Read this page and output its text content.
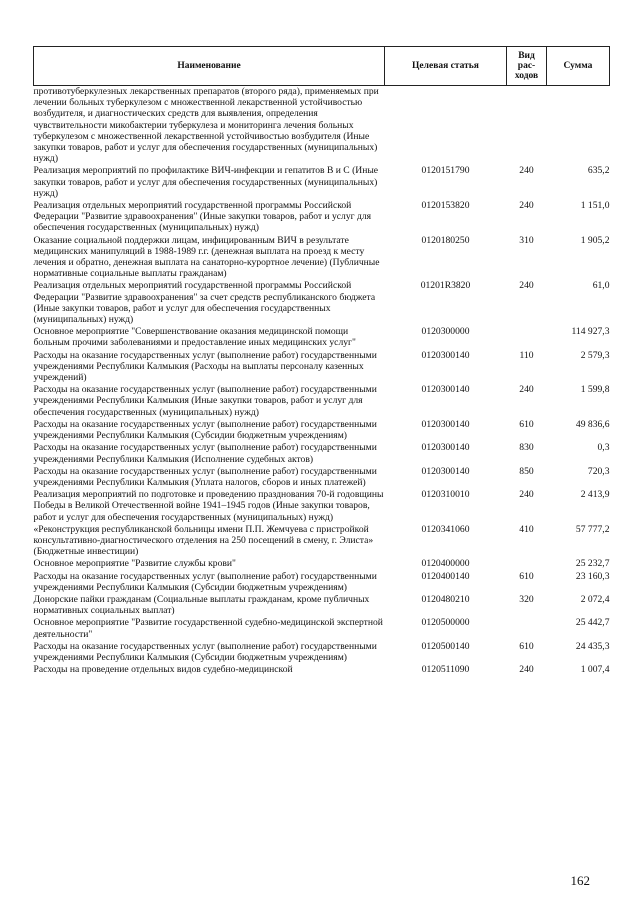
Наименование	Целевая статья	Вид рас-ходов	Сумма
противотуберкулезных лекарственных препаратов (второго ряда), применяемых при лечении больных туберкулезом с множественной лекарственной устойчивостью возбудителя, и диагностических средств для выявления, определения чувствительности микобактерии туберкулеза и мониторинга лечения больных туберкулезом с множественной лекарственной устойчивостью возбудителя (Иные закупки товаров, работ и услуг для обеспечения государственных (муниципальных) нужд)			
Реализация мероприятий по профилактике ВИЧ-инфекции и гепатитов В и С (Иные закупки товаров, работ и услуг для обеспечения государственных (муниципальных) нужд)	0120151790	240	635,2
Реализация отдельных мероприятий государственной программы Российской Федерации "Развитие здравоохранения" (Иные закупки товаров, работ и услуг для обеспечения государственных (муниципальных) нужд)	0120153820	240	1 151,0
Оказание социальной поддержки лицам, инфицированным ВИЧ в результате медицинских манипуляций в 1988-1989 г.г. (денежная выплата на проезд к месту лечения и обратно, денежная выплата на санаторно-курортное лечение) (Публичные нормативные социальные выплаты гражданам)	0120180250	310	1 905,2
Реализация отдельных мероприятий государственной программы Российской Федерации "Развитие здравоохранения" за счет средств республиканского бюджета (Иные закупки товаров, работ и услуг для обеспечения государственных (муниципальных) нужд)	01201R3820	240	61,0
Основное мероприятие "Совершенствование оказания медицинской помощи больным прочими заболеваниями и предоставление иных медицинских услуг"	0120300000		114 927,3
Расходы на оказание государственных услуг (выполнение работ) государственными учреждениями Республики Калмыкия (Расходы на выплаты персоналу казенных учреждений)	0120300140	110	2 579,3
Расходы на оказание государственных услуг (выполнение работ) государственными учреждениями Республики Калмыкия (Иные закупки товаров, работ и услуг для обеспечения государственных (муниципальных) нужд)	0120300140	240	1 599,8
Расходы на оказание государственных услуг (выполнение работ) государственными учреждениями Республики Калмыкия (Субсидии бюджетным учреждениям)	0120300140	610	49 836,6
Расходы на оказание государственных услуг (выполнение работ) государственными учреждениями Республики Калмыкия (Исполнение судебных актов)	0120300140	830	0,3
Расходы на оказание государственных услуг (выполнение работ) государственными учреждениями Республики Калмыкия (Уплата налогов, сборов и иных платежей)	0120300140	850	720,3
Реализация мероприятий по подготовке и проведению празднования 70-й годовщины Победы в Великой Отечественной войне 1941–1945 годов (Иные закупки товаров, работ и услуг для обеспечения государственных (муниципальных) нужд)	0120310010	240	2 413,9
«Реконструкция республиканской больницы имени П.П. Жемчуева с пристройкой консультативно-диагностического отделения на 250 посещений в смену, г. Элиста» (Бюджетные инвестиции)	0120341060	410	57 777,2
Основное мероприятие "Развитие службы крови"	0120400000		25 232,7
Расходы на оказание государственных услуг (выполнение работ) государственными учреждениями Республики Калмыкия (Субсидии бюджетным учреждениям)	0120400140	610	23 160,3
Донорские пайки гражданам (Социальные выплаты гражданам, кроме публичных нормативных социальных выплат)	0120480210	320	2 072,4
Основное мероприятие "Развитие государственной судебно-медицинской экспертной деятельности"	0120500000		25 442,7
Расходы на оказание государственных услуг (выполнение работ) государственными учреждениями Республики Калмыкия (Субсидии бюджетным учреждениям)	0120500140	610	24 435,3
Расходы на проведение отдельных видов судебно-медицинской	0120511090	240	1 007,4
162
